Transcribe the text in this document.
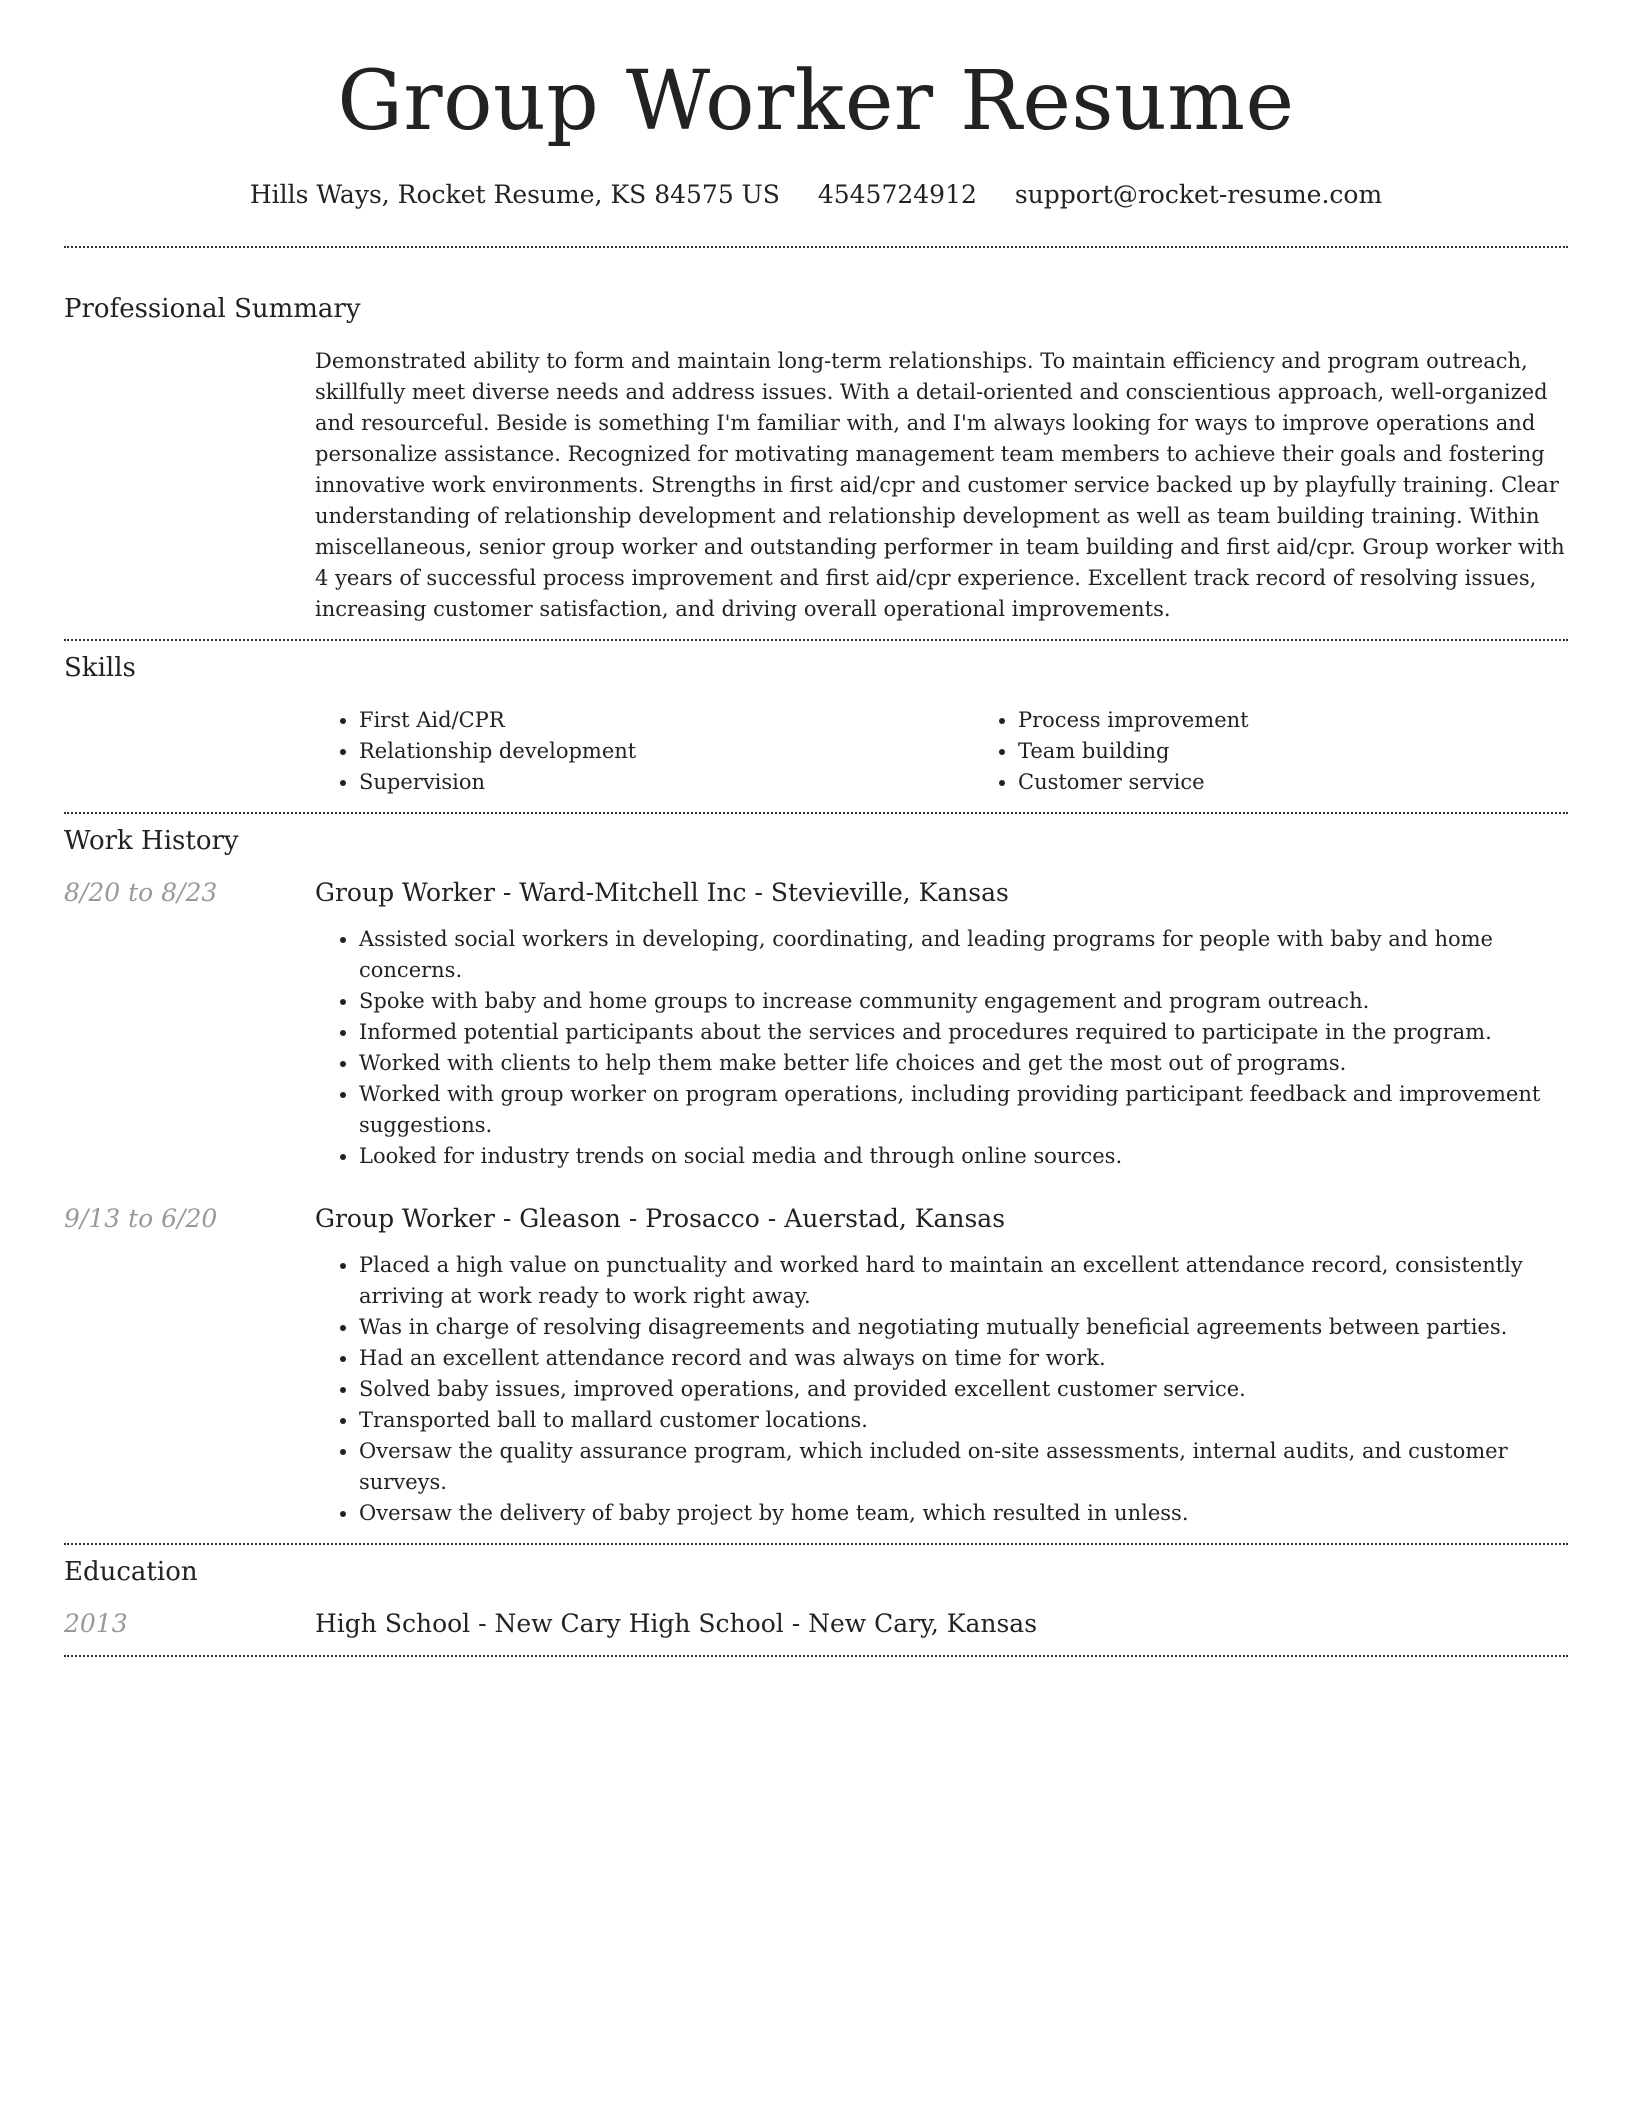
Group Worker Resume
Hills Ways, Rocket Resume, KS 84575 US 4545724912 support@rocket-resume.com
Professional Summary

Demonstrated ability to form and maintain long-term relationships. To maintain efficiency and program outreach, skillfully meet diverse needs and address issues. With a detail-oriented and conscientious approach, well-organized and resourceful. Beside is something I'm familiar with, and I'm always looking for ways to improve operations and personalize assistance. Recognized for motivating management team members to achieve their goals and fostering innovative work environments. Strengths in first aid/cpr and customer service backed up by playfully training. Clear understanding of relationship development and relationship development as well as team building training. Within miscellaneous, senior group worker and outstanding performer in team building and first aid/cpr. Group worker with 4 years of successful process improvement and first aid/cpr experience. Excellent track record of resolving issues, increasing customer satisfaction, and driving overall operational improvements.

Skills
• First Aid/CPR
• Relationship development
• Supervision
• Process improvement
• Team building
• Customer service
Work History
8/20 to 8/23	Group Worker - Ward-Mitchell Inc - Stevieville, Kansas
• Assisted social workers in developing, coordinating, and leading programs for people with baby and home concerns.
• Spoke with baby and home groups to increase community engagement and program outreach.
• Informed potential participants about the services and procedures required to participate in the program.
• Worked with clients to help them make better life choices and get the most out of programs.
• Worked with group worker on program operations, including providing participant feedback and improvement suggestions.
• Looked for industry trends on social media and through online sources.
9/13 to 6/20	Group Worker - Gleason - Prosacco - Auerstad, Kansas
• Placed a high value on punctuality and worked hard to maintain an excellent attendance record, consistently arriving at work ready to work right away.
• Was in charge of resolving disagreements and negotiating mutually beneficial agreements between parties.
• Had an excellent attendance record and was always on time for work.
• Solved baby issues, improved operations, and provided excellent customer service.
• Transported ball to mallard customer locations.
• Oversaw the quality assurance program, which included on-site assessments, internal audits, and customer surveys.
• Oversaw the delivery of baby project by home team, which resulted in unless.
Education
2013	High School - New Cary High School - New Cary, Kansas
